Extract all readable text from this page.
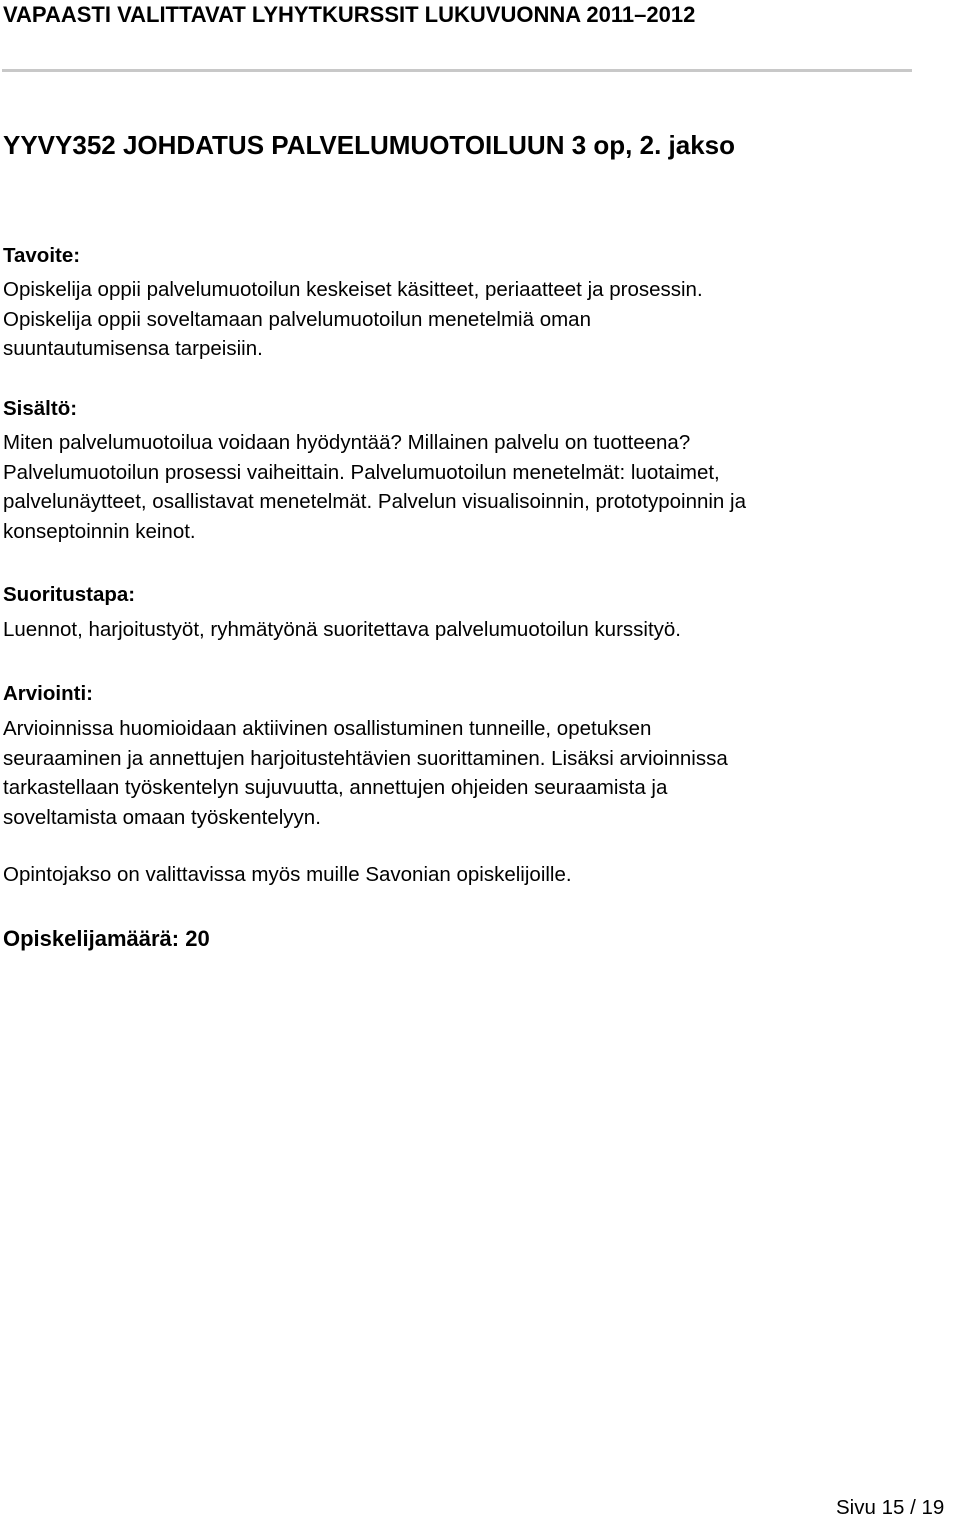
VAPAASTI VALITTAVAT LYHYTKURSSIT LUKUVUONNA 2011–2012
YYVY352 JOHDATUS PALVELUMUOTOILUUN 3 op, 2. jakso
Tavoite:

Opiskelija oppii palvelumuotoilun keskeiset käsitteet, periaatteet ja prosessin.
Opiskelija oppii soveltamaan palvelumuotoilun menetelmiä oman
suuntautumisensa tarpeisiin.

Sisältö:

Miten palvelumuotoilua voidaan hyödyntää? Millainen palvelu on tuotteena?
Palvelumuotoilun prosessi vaiheittain. Palvelumuotoilun menetelmät: luotaimet,
palvelunäytteet, osallistavat menetelmät. Palvelun visualisoinnin, prototypoinnin ja
konseptoinnin keinot.

Suoritustapa:

Luennot, harjoitustyöt, ryhmätyönä suoritettava palvelumuotoilun kurssityö.

Arviointi:

Arvioinnissa huomioidaan aktiivinen osallistuminen tunneille, opetuksen
seuraaminen ja annettujen harjoitustehtävien suorittaminen. Lisäksi arvioinnissa
tarkastellaan työskentelyn sujuvuutta, annettujen ohjeiden seuraamista ja
soveltamista omaan työskentelyyn.

Opintojakso on valittavissa myös muille Savonian opiskelijoille.

Opiskelijamäärä: 20
Sivu 15 / 19
